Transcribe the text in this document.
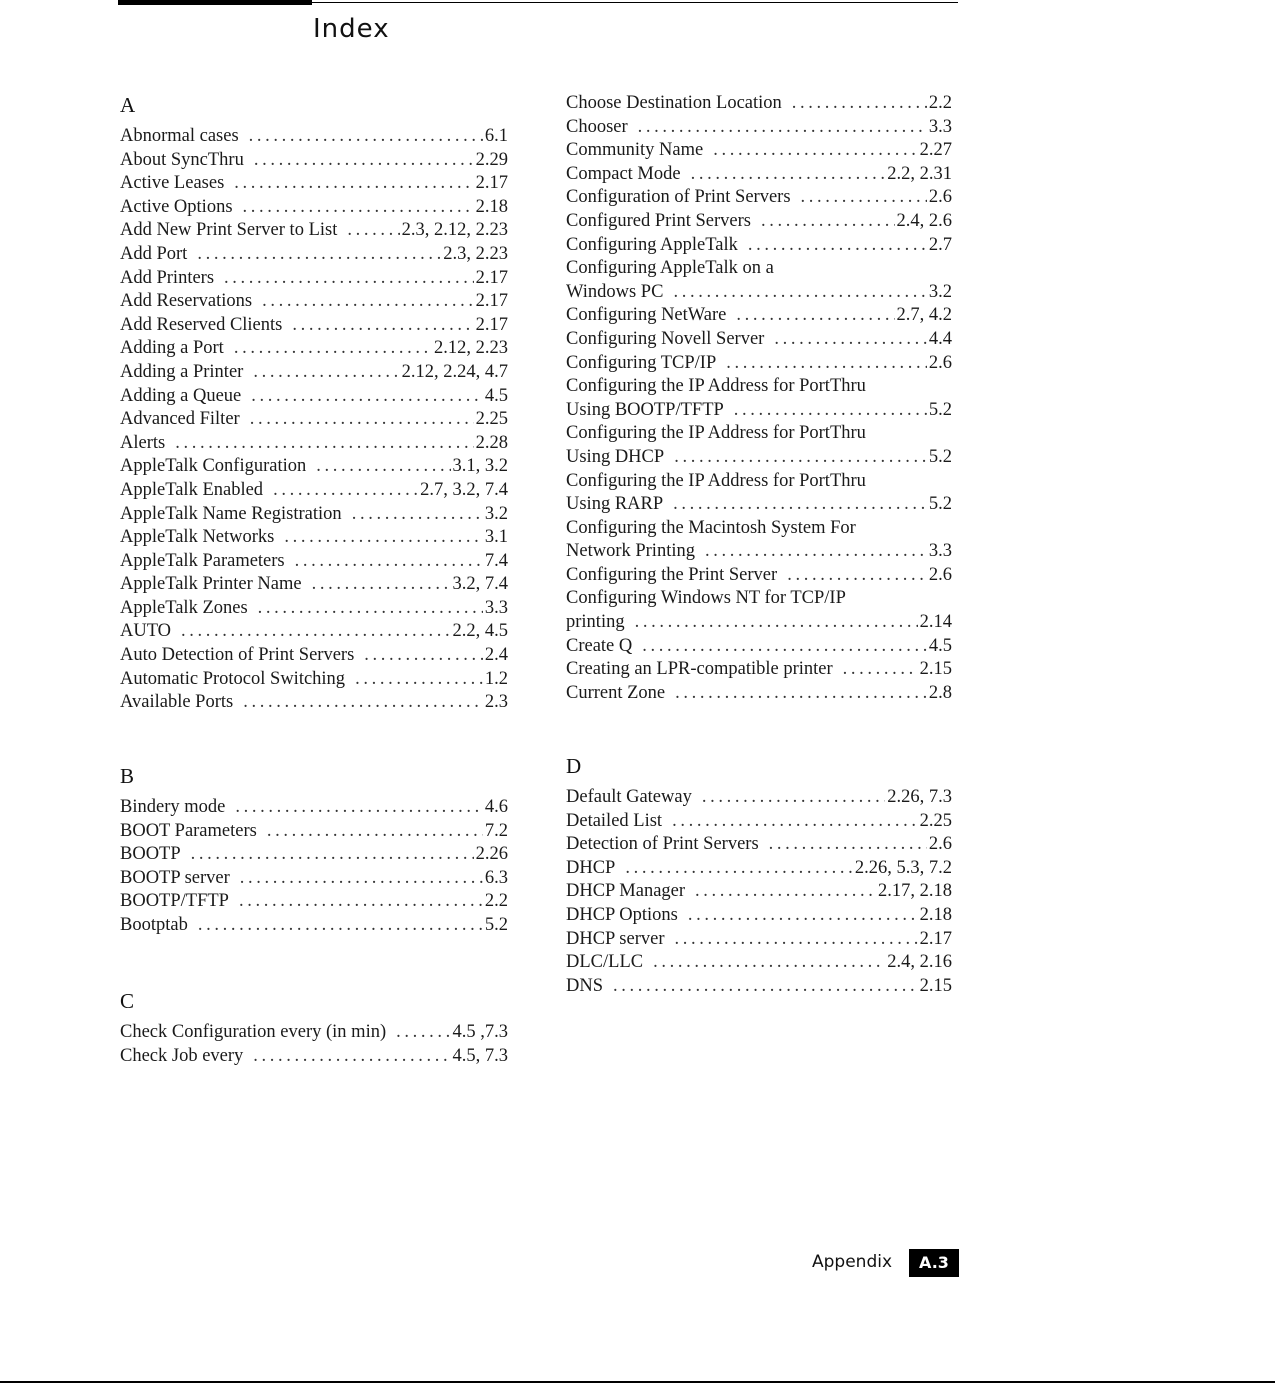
Index
A
Abnormal cases . . .	6.1
About SyncThru . . .	2.29
Active Leases . . .	2.17
Active Options . . .	2.18
Add New Print Server to List . . .	2.3, 2.12, 2.23
Add Port . . .	2.3, 2.23
Add Printers . . .	2.17
Add Reservations . . .	2.17
Add Reserved Clients . . .	2.17
Adding a Port . . .	2.12, 2.23
Adding a Printer . . .	2.12, 2.24, 4.7
Adding a Queue . . .	4.5
Advanced Filter . . .	2.25
Alerts . . .	2.28
AppleTalk Configuration . . .	3.1, 3.2
AppleTalk Enabled . . .	2.7, 3.2, 7.4
AppleTalk Name Registration . . .	3.2
AppleTalk Networks . . .	3.1
AppleTalk Parameters . . .	7.4
AppleTalk Printer Name . . .	3.2, 7.4
AppleTalk Zones . . .	3.3
AUTO . . .	2.2, 4.5
Auto Detection of Print Servers . . .	2.4
Automatic Protocol Switching . . .	1.2
Available Ports . . .	2.3
B
Bindery mode . . .	4.6
BOOT Parameters . . .	7.2
BOOTP . . .	2.26
BOOTP server . . .	6.3
BOOTP/TFTP . . .	2.2
Bootptab . . .	5.2
C
Check Configuration every (in min) . . .	4.5 ,7.3
Check Job every . . .	4.5, 7.3
Choose Destination Location . . .	2.2
Chooser . . .	3.3
Community Name . . .	2.27
Compact Mode . . .	2.2, 2.31
Configuration of Print Servers . . .	2.6
Configured Print Servers . . .	2.4, 2.6
Configuring AppleTalk . . .	2.7
Configuring AppleTalk on a
Windows PC . . .	3.2
Configuring NetWare . . .	2.7, 4.2
Configuring Novell Server . . .	4.4
Configuring TCP/IP . . .	2.6
Configuring the IP Address for PortThru
Using BOOTP/TFTP . . .	5.2
Configuring the IP Address for PortThru
Using DHCP . . .	5.2
Configuring the IP Address for PortThru
Using RARP . . .	5.2
Configuring the Macintosh System For
Network Printing . . .	3.3
Configuring the Print Server . . .	2.6
Configuring Windows NT for TCP/IP
printing . . .	2.14
Create Q . . .	4.5
Creating an LPR-compatible printer . . .	2.15
Current Zone . . .	2.8
D
Default Gateway . . .	2.26, 7.3
Detailed List . . .	2.25
Detection of Print Servers . . .	2.6
DHCP . . .	2.26, 5.3, 7.2
DHCP Manager . . .	2.17, 2.18
DHCP Options . . .	2.18
DHCP server . . .	2.17
DLC/LLC . . .	2.4, 2.16
DNS . . .	2.15
Appendix	A.3
